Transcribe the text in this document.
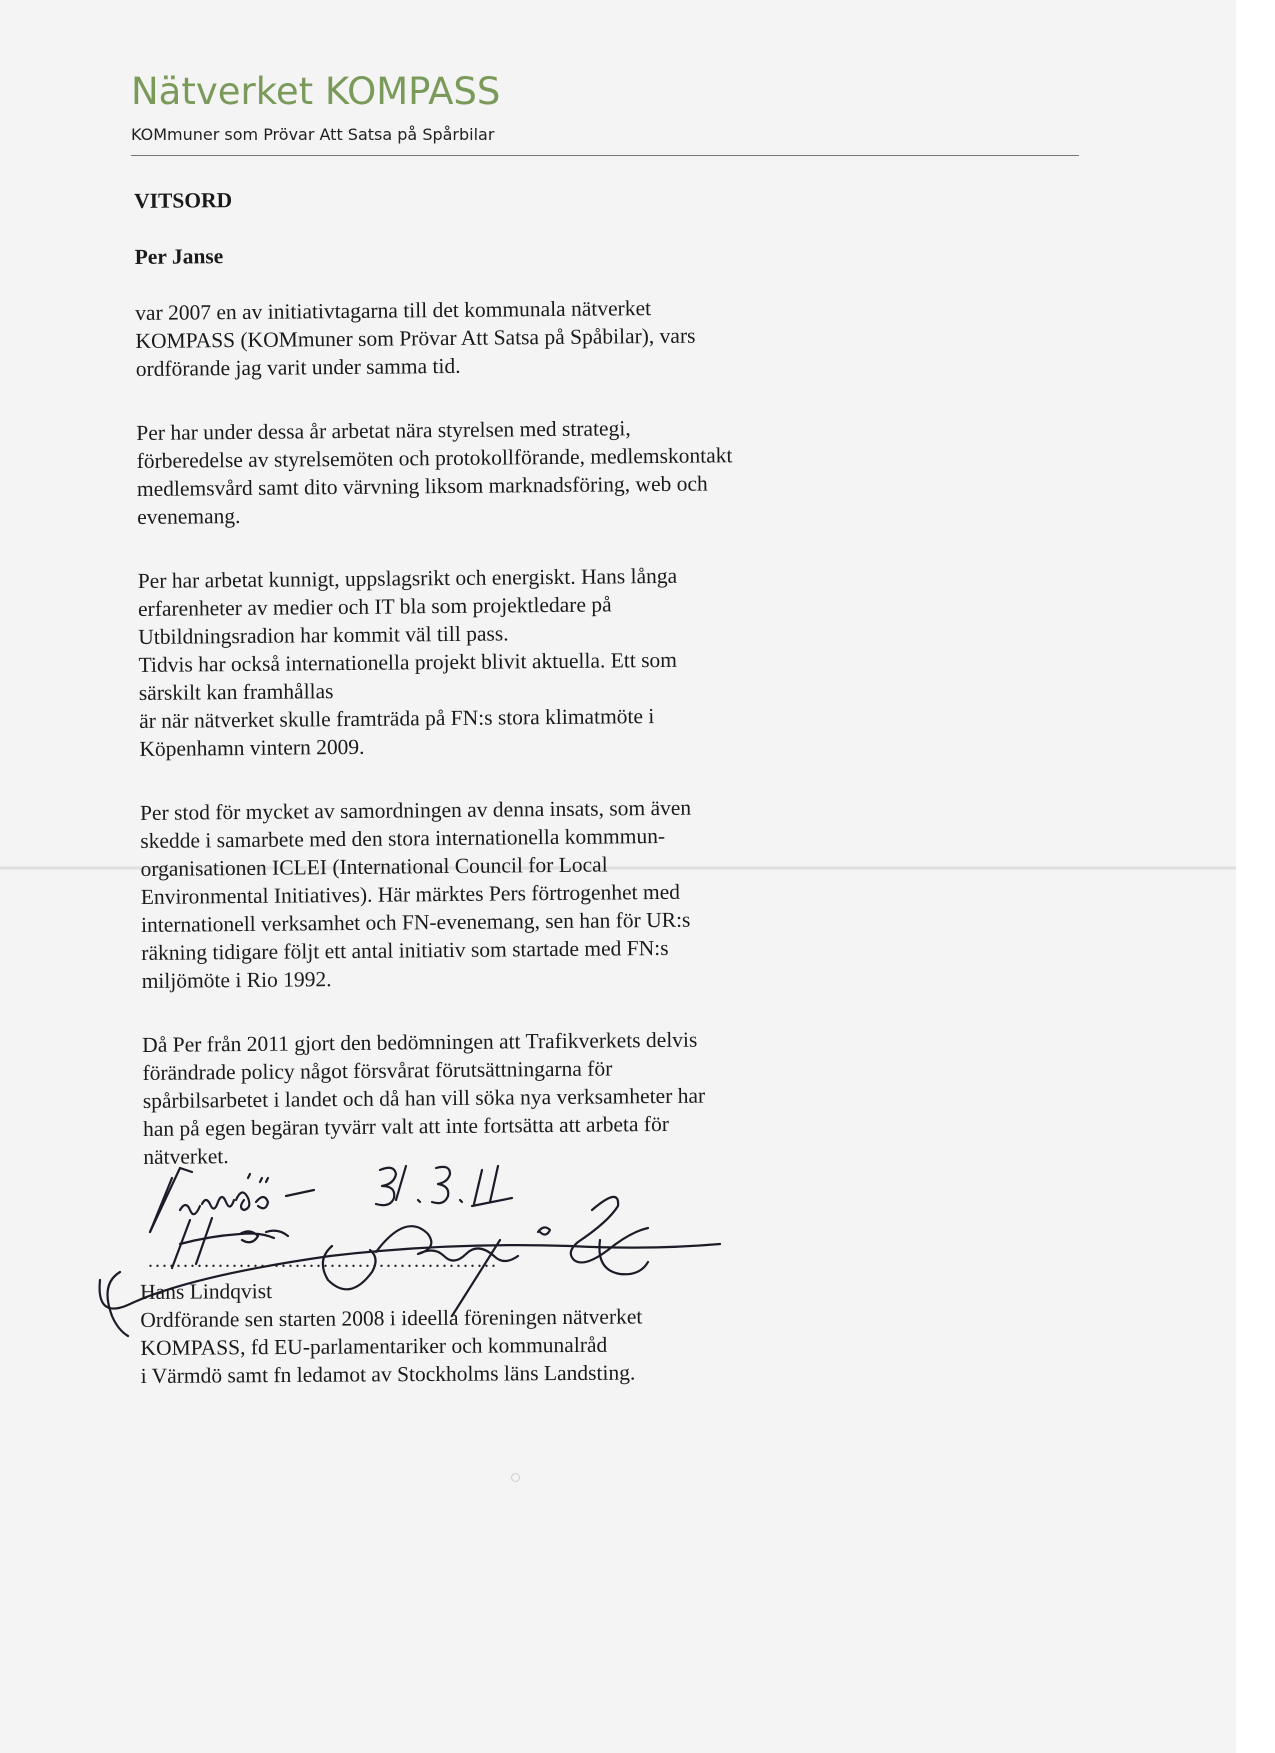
Nätverket KOMPASS
KOMmuner som Prövar Att Satsa på Spårbilar

VITSORD

Per Janse

var 2007 en av initiativtagarna till det kommunala nätverket
KOMPASS (KOMmuner som Prövar Att Satsa på Spåbilar), vars
ordförande jag varit under samma tid.

Per har under dessa år arbetat nära styrelsen med strategi,
förberedelse av styrelsemöten och protokollförande, medlemskontakt
medlemsvård samt dito värvning liksom marknadsföring, web och
evenemang.

Per har arbetat kunnigt, uppslagsrikt och energiskt. Hans långa
erfarenheter av medier och IT bla som projektledare på
Utbildningsradion har kommit väl till pass.
Tidvis har också internationella projekt blivit aktuella. Ett som
särskilt kan framhållas
är när nätverket skulle framträda på FN:s stora klimatmöte i
Köpenhamn vintern 2009.

Per stod för mycket av samordningen av denna insats, som även
skedde i samarbete med den stora internationella kommmun-
organisationen ICLEI (International Council for Local
Environmental Initiatives). Här märktes Pers förtrogenhet med
internationell verksamhet och FN-evenemang, sen han för UR:s
räkning tidigare följt ett antal initiativ som startade med FN:s
miljömöte i Rio 1992.

Då Per från 2011 gjort den bedömningen att Trafikverkets delvis
förändrade policy något försvårat förutsättningarna för
spårbilsarbetet i landet och då han vill söka nya verksamheter har
han på egen begäran tyvärr valt att inte fortsätta att arbeta för
nätverket.

..................................................
Hans Lindqvist
Ordförande sen starten 2008 i ideella föreningen nätverket
KOMPASS, fd EU-parlamentariker och kommunalråd
i Värmdö samt fn ledamot av Stockholms läns Landsting.
